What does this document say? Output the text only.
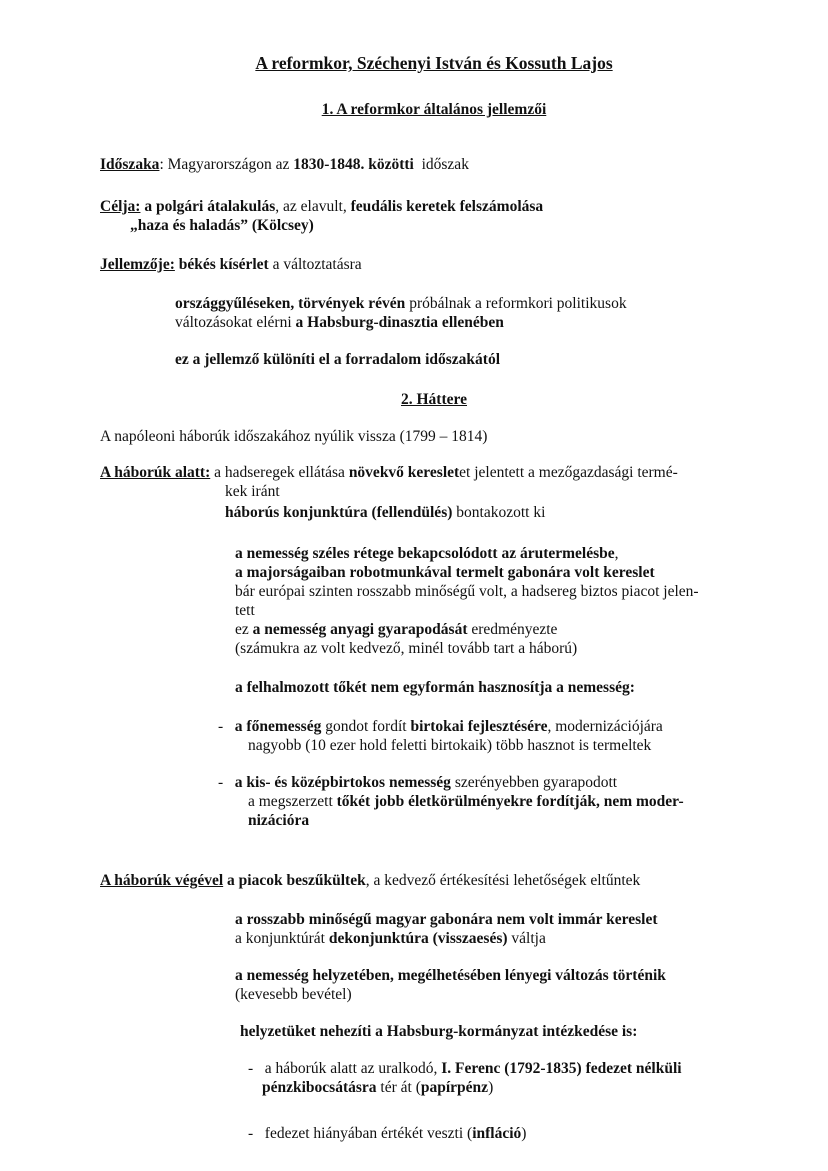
A reformkor, Széchenyi István és Kossuth Lajos
1. A reformkor általános jellemzői
Időszaka: Magyarországon az 1830-1848. közötti  időszak
Célja: a polgári átalakulás, az elavult, feudális keretek felszámolása
„haza és haladás” (Kölcsey)
Jellemzője: békés kísérlet a változtatásra
országgyűléseken, törvények révén próbálnak a reformkori politikusok
változásokat elérni a Habsburg-dinasztia ellenében
ez a jellemző különíti el a forradalom időszakától
2. Háttere
A napóleoni háborúk időszakához nyúlik vissza (1799 – 1814)
A háborúk alatt: a hadseregek ellátása növekvő keresletet jelentett a mezőgazdasági termé-
kek iránt
háborús konjunktúra (fellendülés) bontakozott ki
a nemesség széles rétege bekapcsolódott az árutermelésbe,
a majorságaiban robotmunkával termelt gabonára volt kereslet
bár európai szinten rosszabb minőségű volt, a hadsereg biztos piacot jelen-
tett
ez a nemesség anyagi gyarapodását eredményezte
(számukra az volt kedvező, minél tovább tart a háború)
a felhalmozott tőkét nem egyformán hasznosítja a nemesség:
-   a főnemesség gondot fordít birtokai fejlesztésére, modernizációjára
nagyobb (10 ezer hold feletti birtokaik) több hasznot is termeltek
-   a kis- és középbirtokos nemesség szerényebben gyarapodott
a megszerzett tőkét jobb életkörülményekre fordítják, nem moder-
nizációra
A háborúk végével a piacok beszűkültek, a kedvező értékesítési lehetőségek eltűntek
a rosszabb minőségű magyar gabonára nem volt immár kereslet
a konjunktúrát dekonjunktúra (visszaesés) váltja
a nemesség helyzetében, megélhetésében lényegi változás történik
(kevesebb bevétel)
helyzetüket nehezíti a Habsburg-kormányzat intézkedése is:
-   a háborúk alatt az uralkodó, I. Ferenc (1792-1835) fedezet nélküli
pénzkibocsátásra tér át (papírpénz)
-   fedezet hiányában értékét veszti (infláció)
